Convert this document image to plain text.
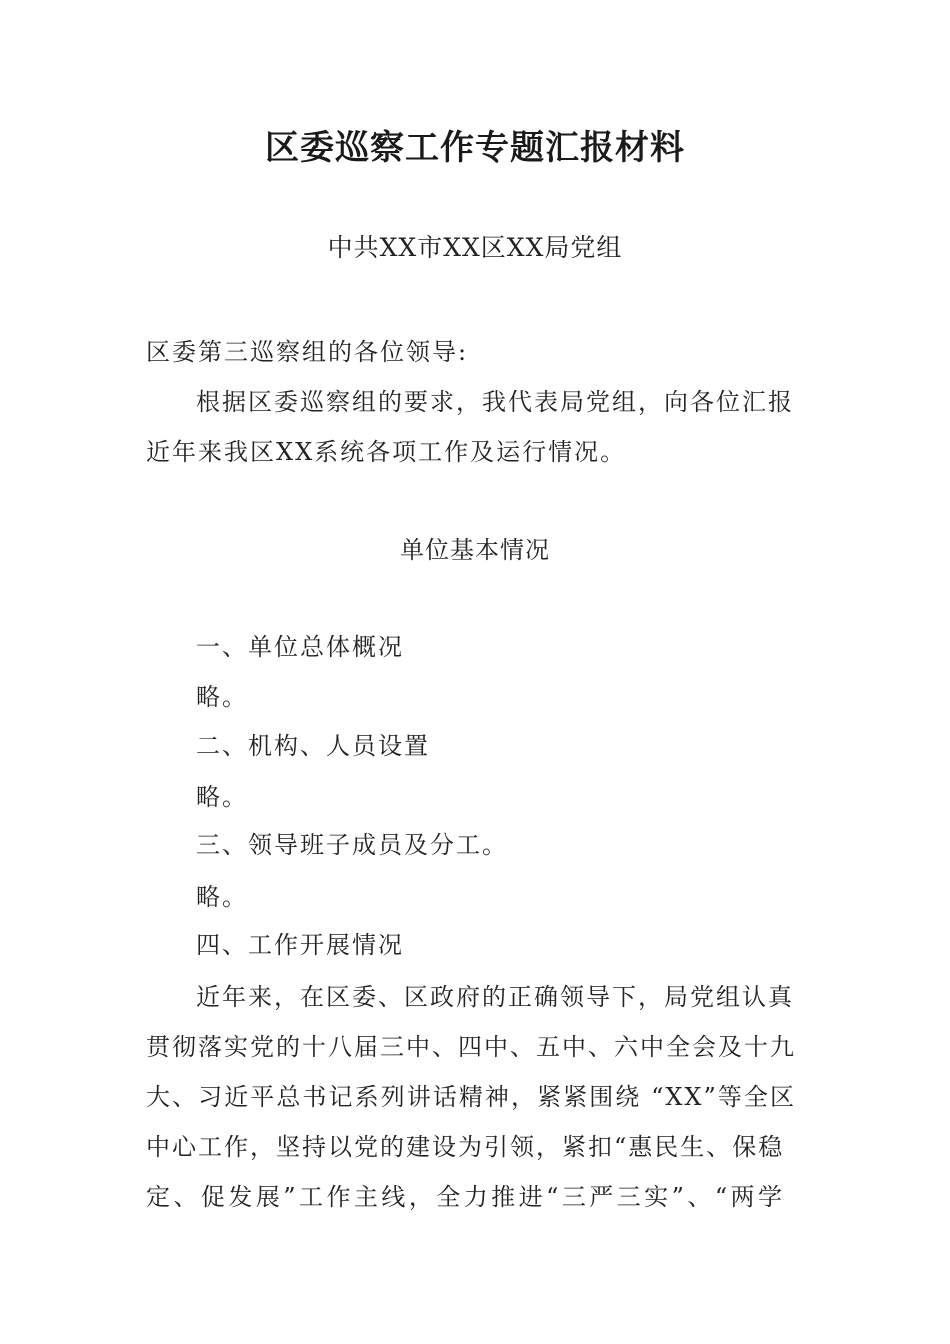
区委巡察工作专题汇报材料
中共XX市XX区XX局党组
区委第三巡察组的各位领导:
根据区委巡察组的要求，我代表局党组，向各位汇报
近年来我区XX系统各项工作及运行情况。
单位基本情况
一、单位总体概况
略。
二、机构、人员设置
略。
三、领导班子成员及分工。
略。
四、工作开展情况
近年来，在区委、区政府的正确领导下，局党组认真
贯彻落实党的十八届三中、四中、五中、六中全会及十九
大、习近平总书记系列讲话精神，紧紧围绕 “XX”等全区
中心工作，坚持以党的建设为引领，紧扣“惠民生、保稳
定、促发展”工作主线，全力推进“三严三实”、“两学
